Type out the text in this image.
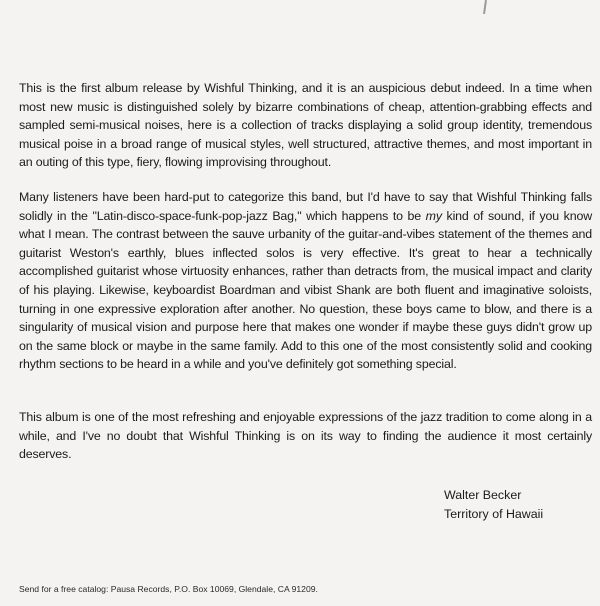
This is the first album release by Wishful Thinking, and it is an auspicious debut indeed. In a time when most new music is distinguished solely by bizarre combinations of cheap, attention-grabbing effects and sampled semi-musical noises, here is a collection of tracks displaying a solid group identity, tremendous musical poise in a broad range of musical styles, well structured, attractive themes, and most important in an outing of this type, fiery, flowing improvising throughout.

Many listeners have been hard-put to categorize this band, but I'd have to say that Wishful Thinking falls solidly in the "Latin-disco-space-funk-pop-jazz Bag," which happens to be my kind of sound, if you know what I mean. The contrast between the sauve urbanity of the guitar-and-vibes statement of the themes and guitarist Weston's earthly, blues inflected solos is very effective. It's great to hear a technically accomplished guitarist whose virtuosity enhances, rather than detracts from, the musical impact and clarity of his playing. Likewise, keyboardist Boardman and vibist Shank are both fluent and imaginative soloists, turning in one expressive exploration after another. No question, these boys came to blow, and there is a singularity of musical vision and purpose here that makes one wonder if maybe these guys didn't grow up on the same block or maybe in the same family. Add to this one of the most consistently solid and cooking rhythm sections to be heard in a while and you've definitely got something special.

This album is one of the most refreshing and enjoyable expressions of the jazz tradition to come along in a while, and I've no doubt that Wishful Thinking is on its way to finding the audience it most certainly deserves.

Walter Becker
Territory of Hawaii
Send for a free catalog: Pausa Records, P.O. Box 10069, Glendale, CA 91209.
